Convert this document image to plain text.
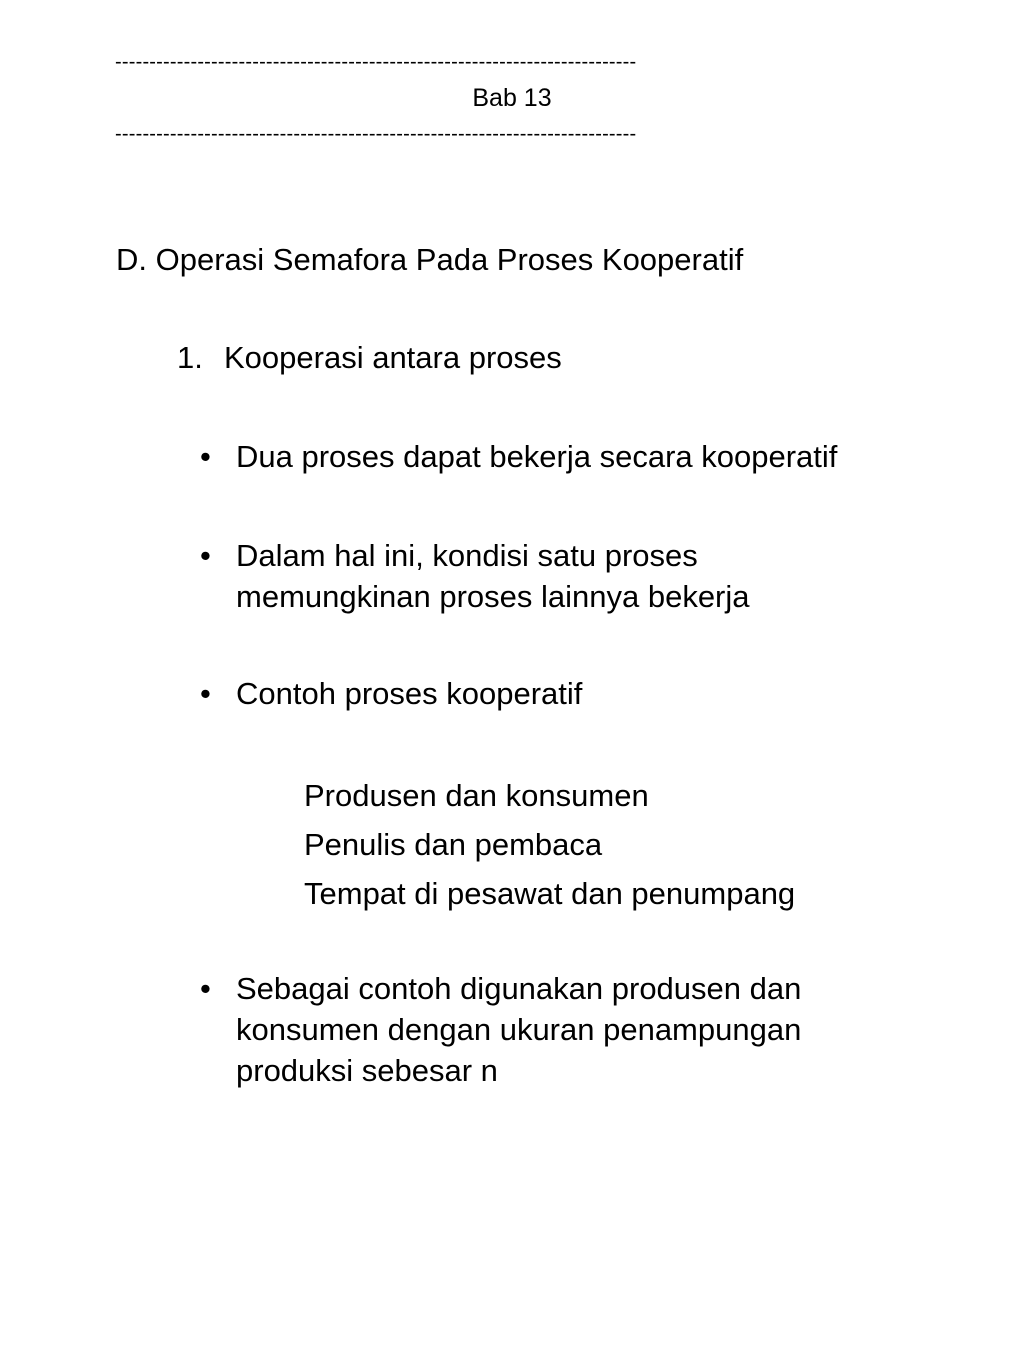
----------------------------------------------------------------------------
Bab 13
----------------------------------------------------------------------------
D. Operasi Semafora Pada Proses Kooperatif
1. Kooperasi antara proses
• Dua proses dapat bekerja secara kooperatif
• Dalam hal ini, kondisi satu proses
memungkinan proses lainnya bekerja
• Contoh proses kooperatif
Produsen dan konsumen
Penulis dan pembaca
Tempat di pesawat dan penumpang
• Sebagai contoh digunakan produsen dan
konsumen dengan ukuran penampungan
produksi sebesar n
